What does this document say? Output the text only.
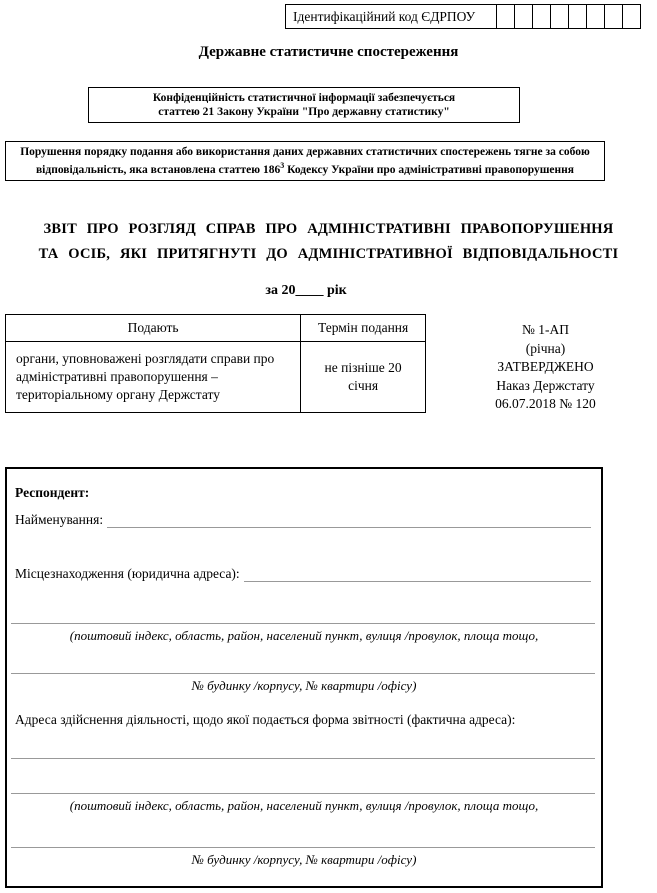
Ідентифікаційний код ЄДРПОУ
Державне статистичне спостереження
Конфіденційність статистичної інформації забезпечується
статтею 21 Закону України "Про державну статистику"
Порушення порядку подання або використання даних державних статистичних спостережень тягне за собою відповідальність, яка встановлена статтею $186^3$ Кодексу України про адміністративні правопорушення
ЗВІТ ПРО РОЗГЛЯД СПРАВ ПРО АДМІНІСТРАТИВНІ ПРАВОПОРУШЕННЯ
ТА ОСІБ, ЯКІ ПРИТЯГНУТІ ДО АДМІНІСТРАТИВНОЇ ВІДПОВІДАЛЬНОСТІ
за 20____ рік
Подають	Термін подання
органи, уповноважені розглядати справи про адміністративні правопорушення – територіальному органу Держстату	не пізніше 20 січня
№ 1-АП
(річна)
ЗАТВЕРДЖЕНО
Наказ Держстату
06.07.2018 № 120
Респондент:
Найменування:
Місцезнаходження (юридична адреса):
(поштовий індекс, область, район, населений пункт, вулиця /провулок, площа тощо,
№ будинку /корпусу, № квартири /офісу)
Адреса здійснення діяльності, щодо якої подається форма звітності (фактична адреса):
(поштовий індекс, область, район, населений пункт, вулиця /провулок, площа тощо,
№ будинку /корпусу, № квартири /офісу)
